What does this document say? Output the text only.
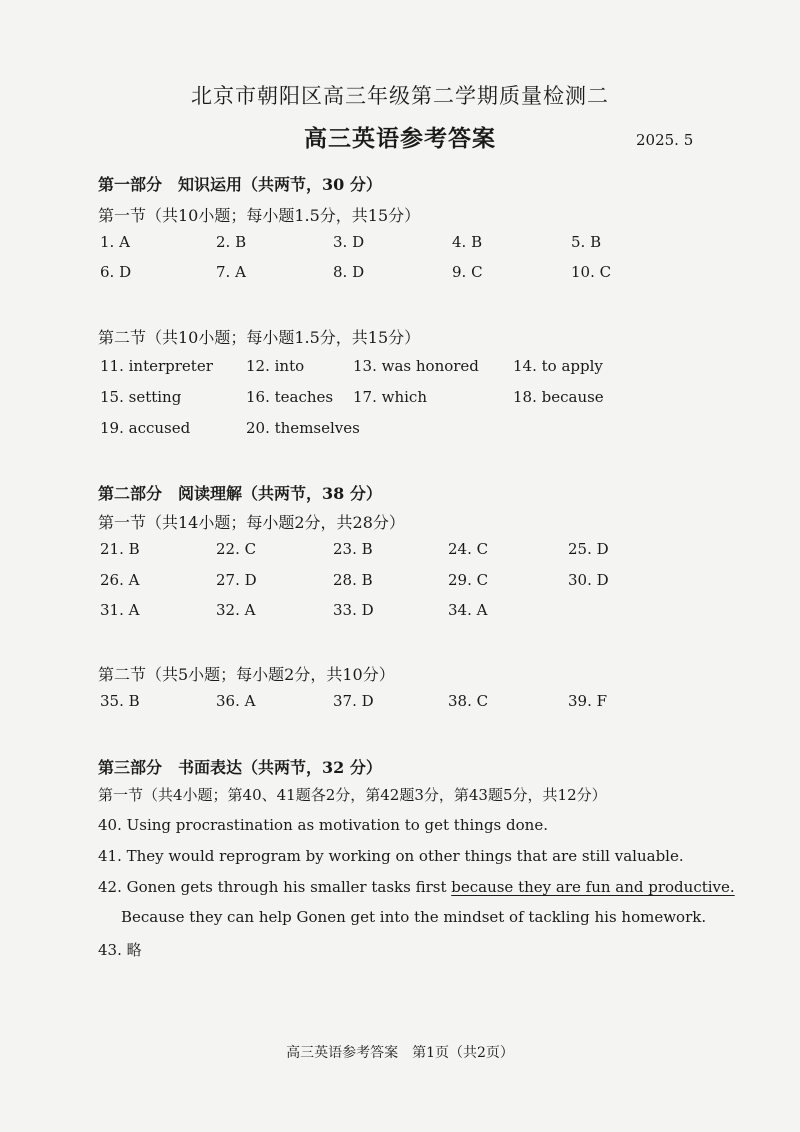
北京市朝阳区高三年级第二学期质量检测二
高三英语参考答案	2025. 5
第一部分　知识运用（共两节，30 分）
第一节（共10小题；每小题1.5分，共15分）
1. A	2. B	3. D	4. B	5. B
6. D	7. A	8. D	9. C	10. C
第二节（共10小题；每小题1.5分，共15分）
11. interpreter 12. into	13. was honored 14. to apply
15. setting	16. teaches 17. which	18. because
19. accused	20. themselves
第二部分　阅读理解（共两节，38 分）
第一节（共14小题；每小题2分，共28分）
21. B	22. C	23. B	24. C	25. D
26. A	27. D	28. B	29. C	30. D
31. A	32. A	33. D	34. A
第二节（共5小题；每小题2分，共10分）
35. B	36. A	37. D	38. C	39. F
第三部分　书面表达（共两节，32 分）
第一节（共4小题；第40、41题各2分，第42题3分，第43题5分，共12分）
40. Using procrastination as motivation to get things done.
41. They would reprogram by working on other things that are still valuable.
42. Gonen gets through his smaller tasks first because they are fun and productive.
Because they can help Gonen get into the mindset of tackling his homework.
43. 略
高三英语参考答案　第1页（共2页）
